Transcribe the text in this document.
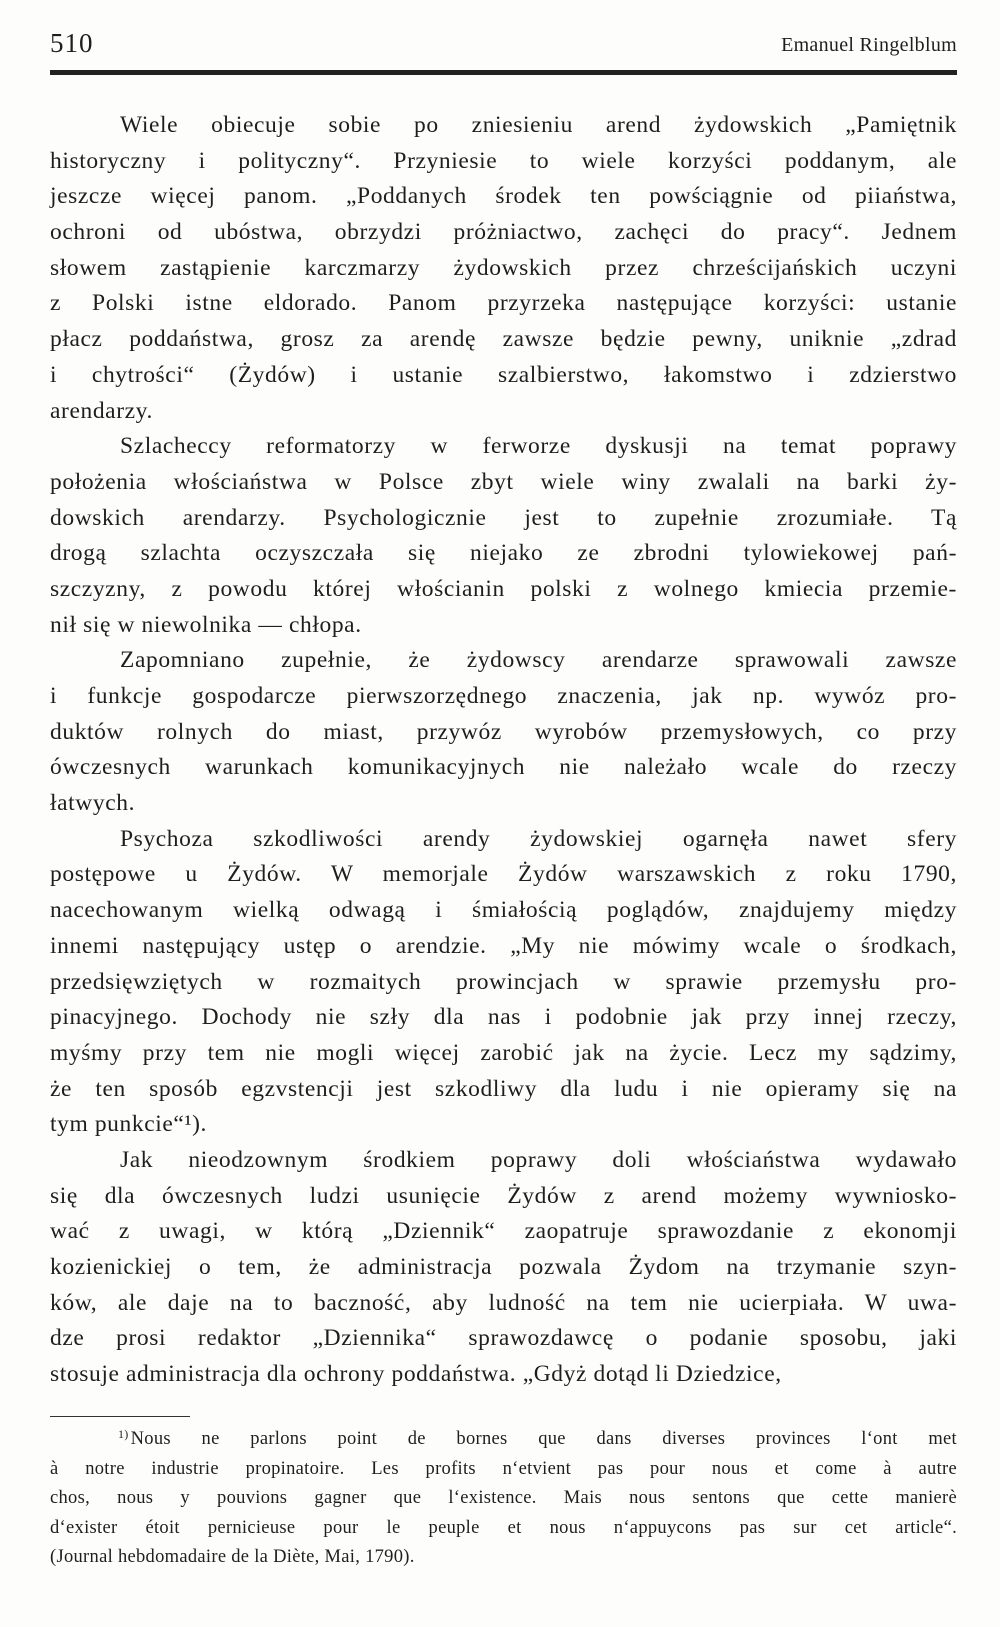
510	Emanuel Ringelblum
Wiele obiecuje sobie po zniesieniu arend żydowskich „Pamiętnik
historyczny i polityczny“. Przyniesie to wiele korzyści poddanym, ale
jeszcze więcej panom. „Poddanych środek ten powściągnie od piiaństwa,
ochroni od ubóstwa, obrzydzi próżniactwo, zachęci do pracy“. Jednem
słowem zastąpienie karczmarzy żydowskich przez chrześcijańskich uczyni
z Polski istne eldorado. Panom przyrzeka następujące korzyści: ustanie
płacz poddaństwa, grosz za arendę zawsze będzie pewny, uniknie „zdrad
i chytrości“ (Żydów) i ustanie szalbierstwo, łakomstwo i zdzierstwo
arendarzy.
Szlacheccy reformatorzy w ferworze dyskusji na temat poprawy
położenia włościaństwa w Polsce zbyt wiele winy zwalali na barki ży-
dowskich arendarzy. Psychologicznie jest to zupełnie zrozumiałe. Tą
drogą szlachta oczyszczała się niejako ze zbrodni tylowiekowej pań-
szczyzny, z powodu której włościanin polski z wolnego kmiecia przemie-
nił się w niewolnika — chłopa.
Zapomniano zupełnie, że żydowscy arendarze sprawowali zawsze
i funkcje gospodarcze pierwszorzędnego znaczenia, jak np. wywóz pro-
duktów rolnych do miast, przywóz wyrobów przemysłowych, co przy
ówczesnych warunkach komunikacyjnych nie należało wcale do rzeczy
łatwych.
Psychoza szkodliwości arendy żydowskiej ogarnęła nawet sfery
postępowe u Żydów. W memorjale Żydów warszawskich z roku 1790,
nacechowanym wielką odwagą i śmiałością poglądów, znajdujemy między
innemi następujący ustęp o arendzie. „My nie mówimy wcale o środkach,
przedsięwziętych w rozmaitych prowincjach w sprawie przemysłu pro-
pinacyjnego. Dochody nie szły dla nas i podobnie jak przy innej rzeczy,
myśmy przy tem nie mogli więcej zarobić jak na życie. Lecz my sądzimy,
że ten sposób egzvstencji jest szkodliwy dla ludu i nie opieramy się na
tym punkcie“¹).
Jak nieodzownym środkiem poprawy doli włościaństwa wydawało
się dla ówczesnych ludzi usunięcie Żydów z arend możemy wywniosko-
wać z uwagi, w którą „Dziennik“ zaopatruje sprawozdanie z ekonomji
kozienickiej o tem, że administracja pozwala Żydom na trzymanie szyn-
ków, ale daje na to baczność, aby ludność na tem nie ucierpiała. W uwa-
dze prosi redaktor „Dziennika“ sprawozdawcę o podanie sposobu, jaki
stosuje administracja dla ochrony poddaństwa. „Gdyż dotąd li Dziedzice,
$^{1)}$ Nous ne parlons point de bornes que dans diverses provinces l‘ont met
à notre industrie propinatoire. Les profits n‘etvient pas pour nous et come à autre
chos, nous y pouvions gagner que l‘existence. Mais nous sentons que cette manierè
d‘exister étoit pernicieuse pour le peuple et nous n‘appuycons pas sur cet article“.
(Journal hebdomadaire de la Diète, Mai, 1790).
